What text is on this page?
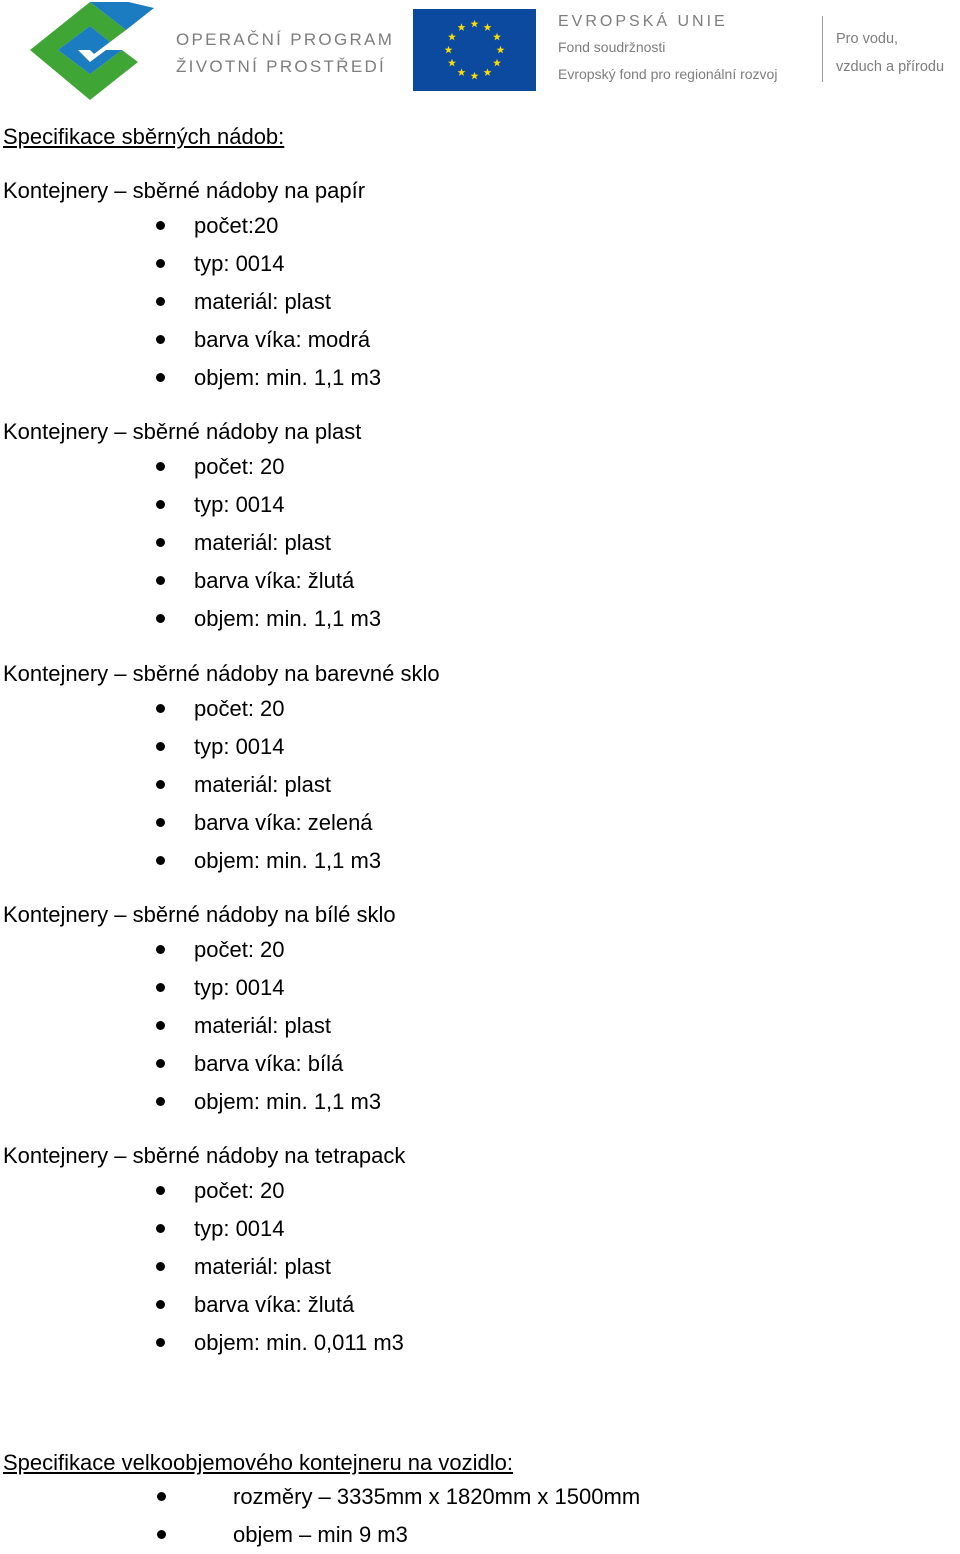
OPERAČNÍ PROGRAM
ŽIVOTNÍ PROSTŘEDÍ
EVROPSKÁ UNIE
Fond soudržnosti
Evropský fond pro regionální rozvoj
Pro vodu,
vzduch a přírodu
Specifikace sběrných nádob:
Kontejnery – sběrné nádoby na papír
počet:20
typ: 0014
materiál: plast
barva víka: modrá
objem: min. 1,1 m3
Kontejnery – sběrné nádoby na plast
počet: 20
typ: 0014
materiál: plast
barva víka: žlutá
objem: min. 1,1 m3
Kontejnery – sběrné nádoby na barevné sklo
počet: 20
typ: 0014
materiál: plast
barva víka: zelená
objem: min. 1,1 m3
Kontejnery – sběrné nádoby na bílé sklo
počet: 20
typ: 0014
materiál: plast
barva víka: bílá
objem: min. 1,1 m3
Kontejnery – sběrné nádoby na tetrapack
počet: 20
typ: 0014
materiál: plast
barva víka: žlutá
objem: min. 0,011 m3
Specifikace velkoobjemového kontejneru na vozidlo:
rozměry – 3335mm x 1820mm x 1500mm
objem – min 9 m3
